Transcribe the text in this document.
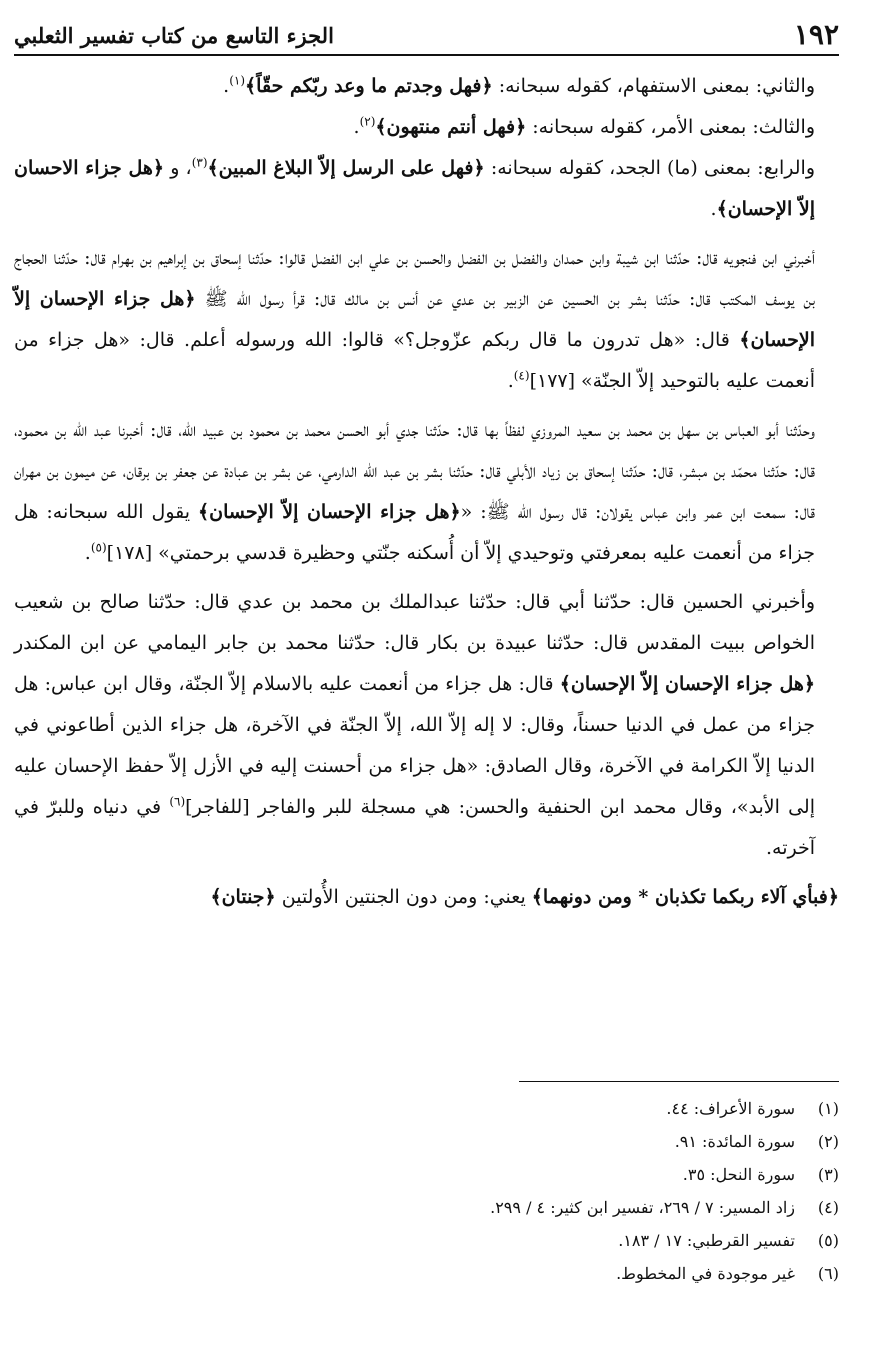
١٩٢
الجزء التاسع من كتاب تفسير الثعلبي

والثاني: بمعنى الاستفهام، كقوله سبحانه: ﴿فهل وجدتم ما وعد ربّكم حقّاً﴾$^{(١)}$.

والثالث: بمعنى الأمر، كقوله سبحانه: ﴿فهل أنتم منتهون﴾$^{(٢)}$.

والرابع: بمعنى (ما) الجحد، كقوله سبحانه: ﴿فهل على الرسل إلاّ البلاغ المبين﴾$^{(٣)}$، و ﴿هل جزاء الاحسان إلاّ الإحسان﴾.

أخبرني ابن فنجويه قال: حدّثنا ابن شيبة وابن حمدان والفضل بن الفضل والحسن بن علي ابن الفضل قالوا: حدّثنا إسحاق بن إبراهيم بن بهرام قال: حدّثنا الحجاج بن يوسف المكتب قال: حدّثنا بشر بن الحسين عن الزبير بن عدي عن أنس بن مالك قال: قرأ رسول الله ﷺ ﴿هل جزاء الإحسان إلاّ الإحسان﴾ قال: «هل تدرون ما قال ربكم عزّوجل؟» قالوا: الله ورسوله أعلم. قال: «هل جزاء من أنعمت عليه بالتوحيد إلاّ الجنّة» [١٧٧]$^{(٤)}$.

وحدّثنا أبو العباس بن سهل بن محمد بن سعيد المروزي لفظاً بها قال: حدّثنا جدي أبو الحسن محمد بن محمود بن عبيد الله، قال: أخبرنا عبد الله بن محمود، قال: حدّثنا محمّد بن مبشر، قال: حدّثنا إسحاق بن زياد الأبلي قال: حدّثنا بشر بن عبد الله الدارمي، عن بشر بن عبادة عن جعفر بن برقان، عن ميمون بن مهران قال: سمعت ابن عمر وابن عباس يقولان: قال رسول الله ﷺ: «﴿هل جزاء الإحسان إلاّ الإحسان﴾ يقول الله سبحانه: هل جزاء من أنعمت عليه بمعرفتي وتوحيدي إلاّ أن أُسكنه جنّتي وحظيرة قدسي برحمتي» [١٧٨]$^{(٥)}$.

وأخبرني الحسين قال: حدّثنا أبي قال: حدّثنا عبدالملك بن محمد بن عدي قال: حدّثنا صالح بن شعيب الخواص ببيت المقدس قال: حدّثنا عبيدة بن بكار قال: حدّثنا محمد بن جابر اليمامي عن ابن المكندر ﴿هل جزاء الإحسان إلاّ الإحسان﴾ قال: هل جزاء من أنعمت عليه بالاسلام إلاّ الجنّة، وقال ابن عباس: هل جزاء من عمل في الدنيا حسناً، وقال: لا إله إلاّ الله، إلاّ الجنّة في الآخرة، هل جزاء الذين أطاعوني في الدنيا إلاّ الكرامة في الآخرة، وقال الصادق: «هل جزاء من أحسنت إليه في الأزل إلاّ حفظ الإحسان عليه إلى الأبد»، وقال محمد ابن الحنفية والحسن: هي مسجلة للبر والفاجر [للفاجر]$^{(٦)}$ في دنياه وللبرّ في آخرته.

﴿فبأي آلاء ربكما تكذبان * ومن دونهما﴾ يعني: ومن دون الجنتين الأُولتين ﴿جنتان﴾

(١)سورة الأعراف: ٤٤.
(٢)سورة المائدة: ٩١.
(٣)سورة النحل: ٣٥.
(٤)زاد المسير: ٧ / ٢٦٩، تفسير ابن كثير: ٤ / ٢٩٩.
(٥)تفسير القرطبي: ١٧ / ١٨٣.
(٦)غير موجودة في المخطوط.
